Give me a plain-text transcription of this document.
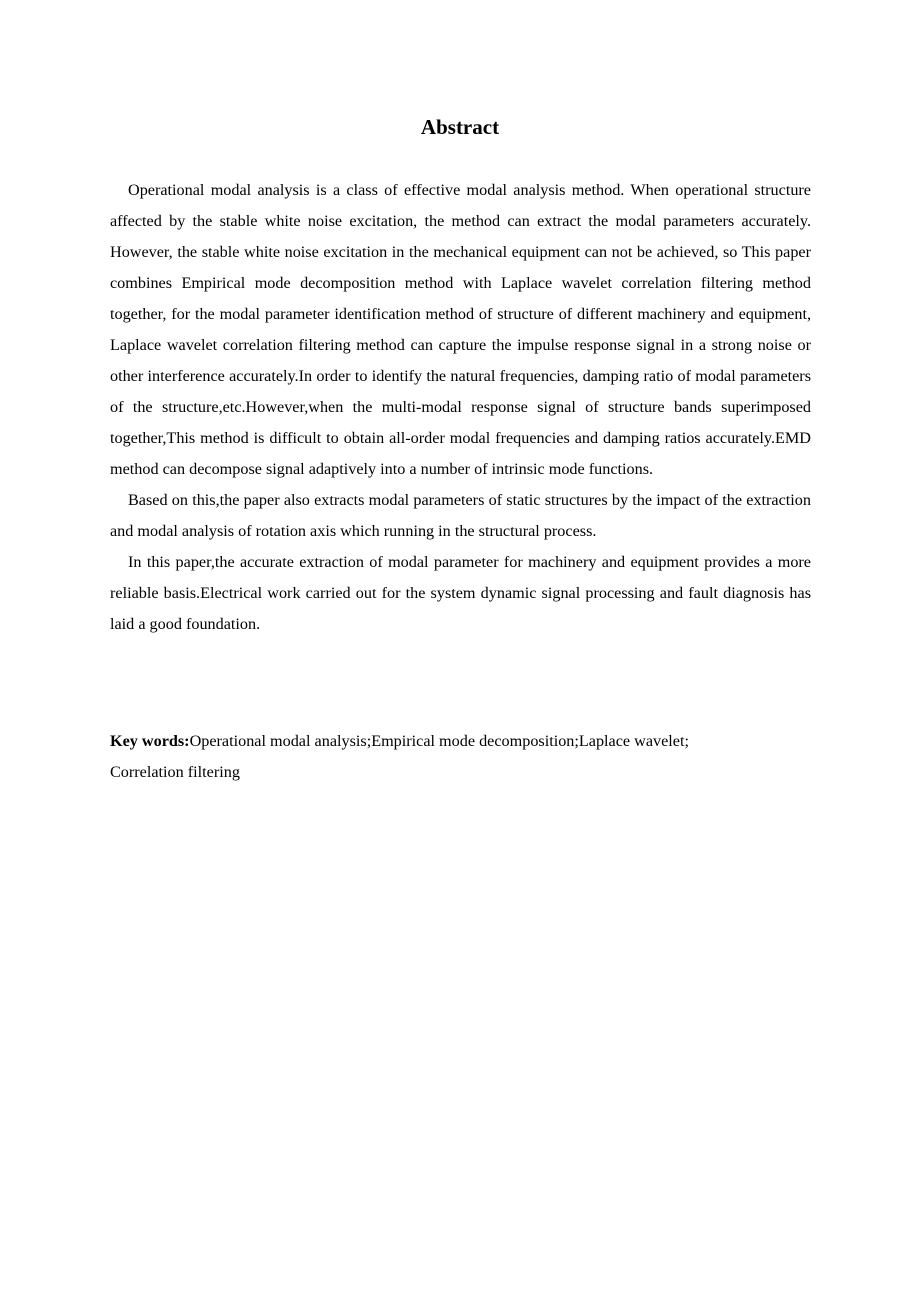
Abstract

Operational modal analysis is a class of effective modal analysis method. When operational structure affected by the stable white noise excitation, the method can extract the modal parameters accurately. However, the stable white noise excitation in the mechanical equipment can not be achieved, so This paper combines Empirical mode decomposition method with Laplace wavelet correlation filtering method together, for the modal parameter identification method of structure of different machinery and equipment, Laplace wavelet correlation filtering method can capture the impulse response signal in a strong noise or other interference accurately.In order to identify the natural frequencies, damping ratio of modal parameters of the structure,etc.However,when the multi-modal response signal of structure bands superimposed together,This method is difficult to obtain all-order modal frequencies and damping ratios accurately.EMD method can decompose signal adaptively into a number of intrinsic mode functions.

Based on this,the paper also extracts modal parameters of static structures by the impact of the extraction and modal analysis of rotation axis which running in the structural process.

In this paper,the accurate extraction of modal parameter for machinery and equipment provides a more reliable basis.Electrical work carried out for the system dynamic signal processing and fault diagnosis has laid a good foundation.

Key words:Operational modal analysis;Empirical mode decomposition;Laplace wavelet;
Correlation filtering
